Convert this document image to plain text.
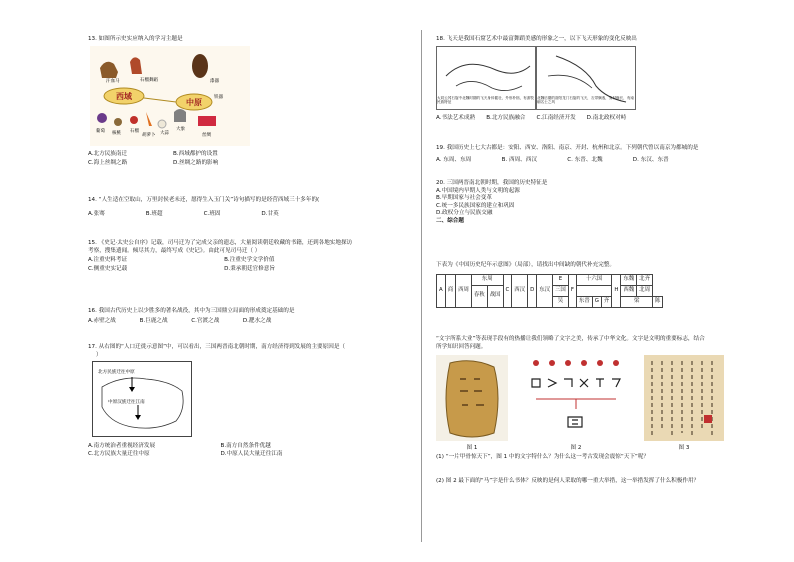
13. 如图所示史实应纳入的学习主题是
西域
中原
汗血马	石榴舞蹈	漆器
铁器
葡萄 核桃 石榴
胡萝卜 大蒜
大象
丝绸
A.北方民族南迁	B.西域都护的设置
C.海上丝绸之路	D.丝绸之路的影响
14. “人生适在空取山，万里封侯老未还，愿得生入玉门关”诗句描写的是经营西域三十多年的(
A.张骞	B.班超	C.班固	D.甘英
15. 《史记·太史公自序》记载，司马迁为了完成父亲的遗志，大量阅读朝廷收藏的书籍，还到各地实地探访
考察，搜集遗闻。倾尽其力，最终写成《史记》。由此可见司马迁（ ）
A.注重史料考证	B.注重史学文学价值
C.侧重史实记载	D.秉承朝廷官修意旨
16. 我国古代历史上以少胜多的著名战役，其中为三国鼎立局面的形成奠定基础的是
A.赤壁之战	B.巨鹿之战	C.官渡之战	D.淝水之战
17. 从右图的“人口迁徙示意图”中，可以看出，三国两晋南北朝时期，南方经济得到发展的主要原因是（
）
北方民族迁往中原
中原汉族迁往江南
A.南方统治者重视经济发展	B.南方自然条件优越
C.北方民族大量迁往中原	D.中原人民大量迁往江南
18. 飞天是我国石窟艺术中最富舞蹈美感的形象之一，以下飞天形象的变化反映出
大同云冈石窟中北魏时期的飞天身体健壮，外形朴拙，有游牧民族特征
北魏后期的洛阳龙门石窟的飞天，衣带飘逸，身材修长，有南朝名士之风
A.书法艺术成熟	B.北方民族融合	C.江南经济开发	D.南北政权对峙
19. 我国历史上七大古都是：安阳、西安、洛阳、南京、开封、杭州和北京。下列朝代曾以南京为都城的是
A. 东周、东周	B. 西周、西汉	C. 东晋、北魏	D. 东汉、东晋
20. 三国两晋南北朝时期，我国的历史特征是
A.中国境内早期人类与文明的起源
B.早期国家与社会变革
C.统一多民族国家的建立和巩固
D.政权分立与民族交融
二、综合题
下表为《中国历史纪年示意图》（局部），请找出中间缺的朝代补充完整。
A	商	西周	东周		C	西汉	D	东汉	E	F	十六国			H	东魏	北齐	
			春秋	战国					三国						西魏	北周	
									吴		东晋	G	齐		梁		陈
“文字所系大业”等表现手段有的热播让我们领略了文字之美，传承了中华文化。文字是文明的重要标志，结合
所学知识回答问题。
图 1	图 2	图 3
(1) “一片甲骨惊天下”，图 1 中的文字特什么？为什么这一考古发现会震惊“天下”呢？
(2) 图 2 最下面的“马”字是什么书体？反映的是何人采取的哪一重大举措，这一举措发挥了什么积极作用？
